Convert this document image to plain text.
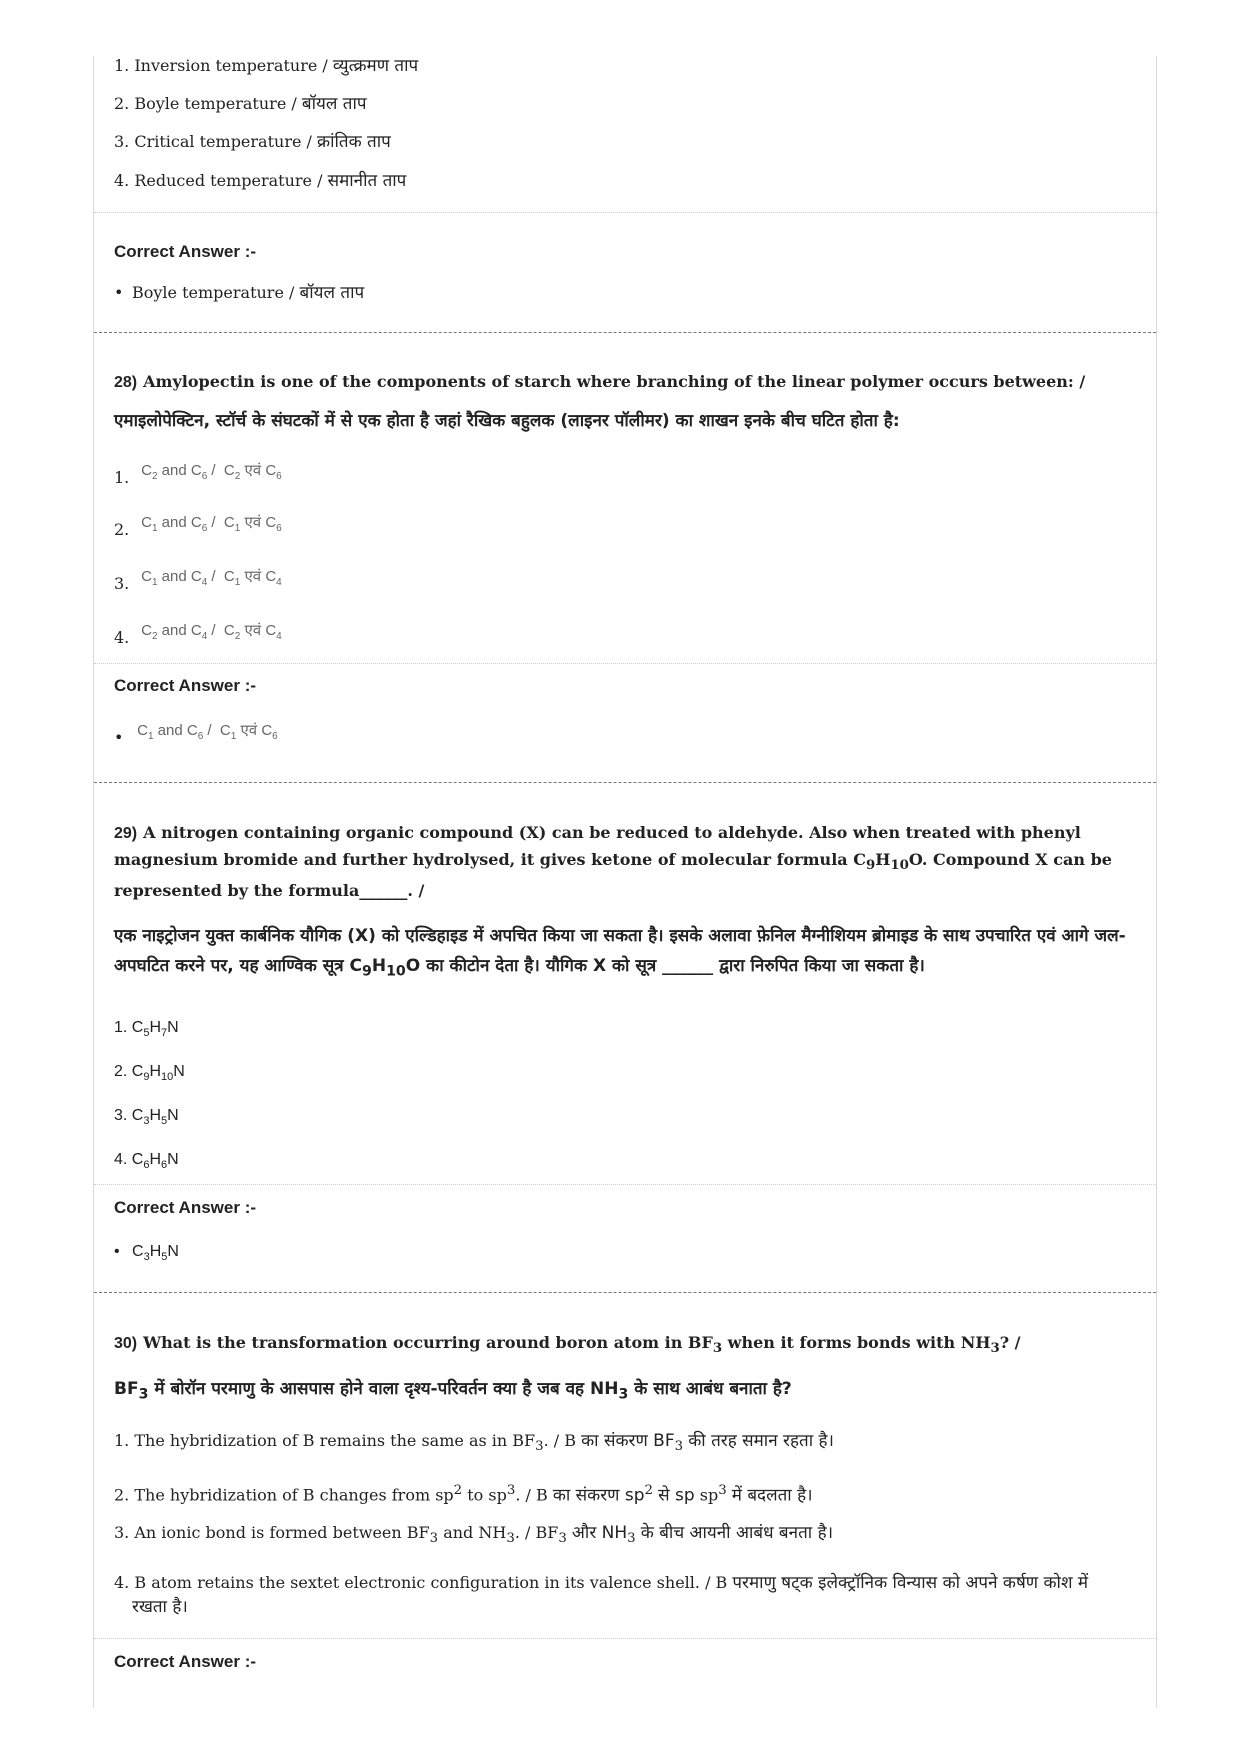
1. Inversion temperature / व्युत्क्रमण ताप
2. Boyle temperature / बॉयल ताप
3. Critical temperature / क्रांतिक ताप
4. Reduced temperature / समानीत ताप
Correct Answer :-
• Boyle temperature / बॉयल ताप
28) Amylopectin is one of the components of starch where branching of the linear polymer occurs between: /
एमाइलोपेक्टिन, स्टॉर्च के संघटकों में से एक होता है जहां रैखिक बहुलक (लाइनर पॉलीमर) का शाखन इनके बीच घटित होता है:
1. $C_2$ and $C_6 / C_2$ एवं $C_6$
2. $C_1$ and $C_6 / C_1$ एवं $C_6$
3. $C_1$ and $C_4 / C_1$ एवं $C_4$
4. $C_2$ and $C_4 / C_2$ एवं $C_4$
Correct Answer :-
• $C_1$ and $C_6 / C_1$ एवं $C_6$
29) A nitrogen containing organic compound (X) can be reduced to aldehyde. Also when treated with phenyl magnesium bromide and further hydrolysed, it gives ketone of molecular formula $C_9H_{10}O$. Compound X can be represented by the formula______. /
एक नाइट्रोजन युक्त कार्बनिक यौगिक (X) को एल्डिहाइड में अपचित किया जा सकता है। इसके अलावा फ़ेनिल मैग्नीशियम ब्रोमाइड के साथ उपचारित एवं आगे जल-अपघटित करने पर, यह आण्विक सूत्र $C_9H_{10}O$ का कीटोन देता है। यौगिक X को सूत्र ______ द्वारा निरुपित किया जा सकता है।
1. $C_5H_7N$
2. $C_9H_{10}N$
3. $C_3H_5N$
4. $C_6H_6N$
Correct Answer :-
• $C_3H_5N$
30) What is the transformation occurring around boron atom in $BF_3$ when it forms bonds with $NH_3$? /
$BF_3$ में बोरॉन परमाणु के आसपास होने वाला दृश्य-परिवर्तन क्या है जब वह $NH_3$ के साथ आबंध बनाता है?
1. The hybridization of B remains the same as in $BF_3$. / B का संकरण $BF_3$ की तरह समान रहता है।
2. The hybridization of B changes from $sp^2$ to $sp^3$. / B का संकरण $sp^2$ से sp $sp^3$ में बदलता है।
3. An ionic bond is formed between $BF_3$ and $NH_3$. / $BF_3$ और $NH_3$ के बीच आयनी आबंध बनता है।
4. B atom retains the sextet electronic configuration in its valence shell. / B परमाणु षट्क इलेक्ट्रॉनिक विन्यास को अपने कर्षण कोश में
रखता है।
Correct Answer :-
